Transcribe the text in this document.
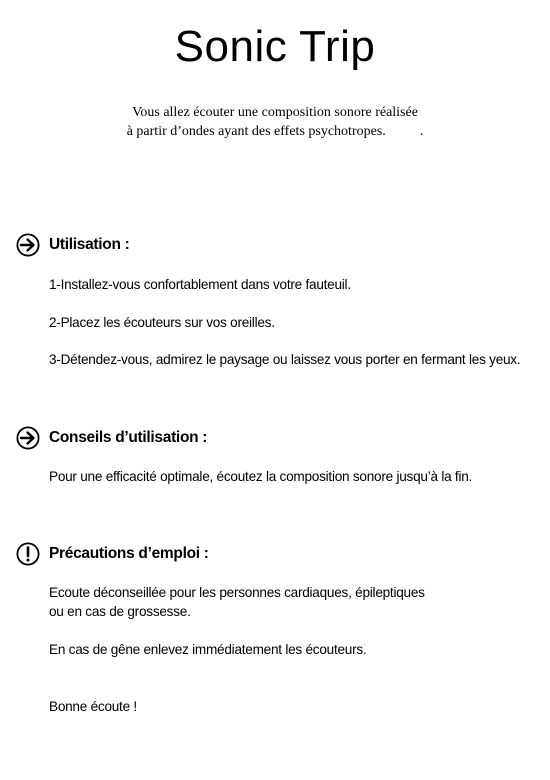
Sonic Trip
Vous allez écouter une composition sonore réalisée
à partir d’ondes ayant des effets psychotropes. .
Utilisation :
1-Installez-vous confortablement dans votre fauteuil.
2-Placez les écouteurs sur vos oreilles.
3-Détendez-vous, admirez le paysage ou laissez vous porter en fermant les yeux.
Conseils d’utilisation :
Pour une efficacité optimale, écoutez la composition sonore jusqu’à la fin.
Précautions d’emploi :
Ecoute déconseillée pour les personnes cardiaques, épileptiques
ou en cas de grossesse.
En cas de gêne enlevez immédiatement les écouteurs.
Bonne écoute !
